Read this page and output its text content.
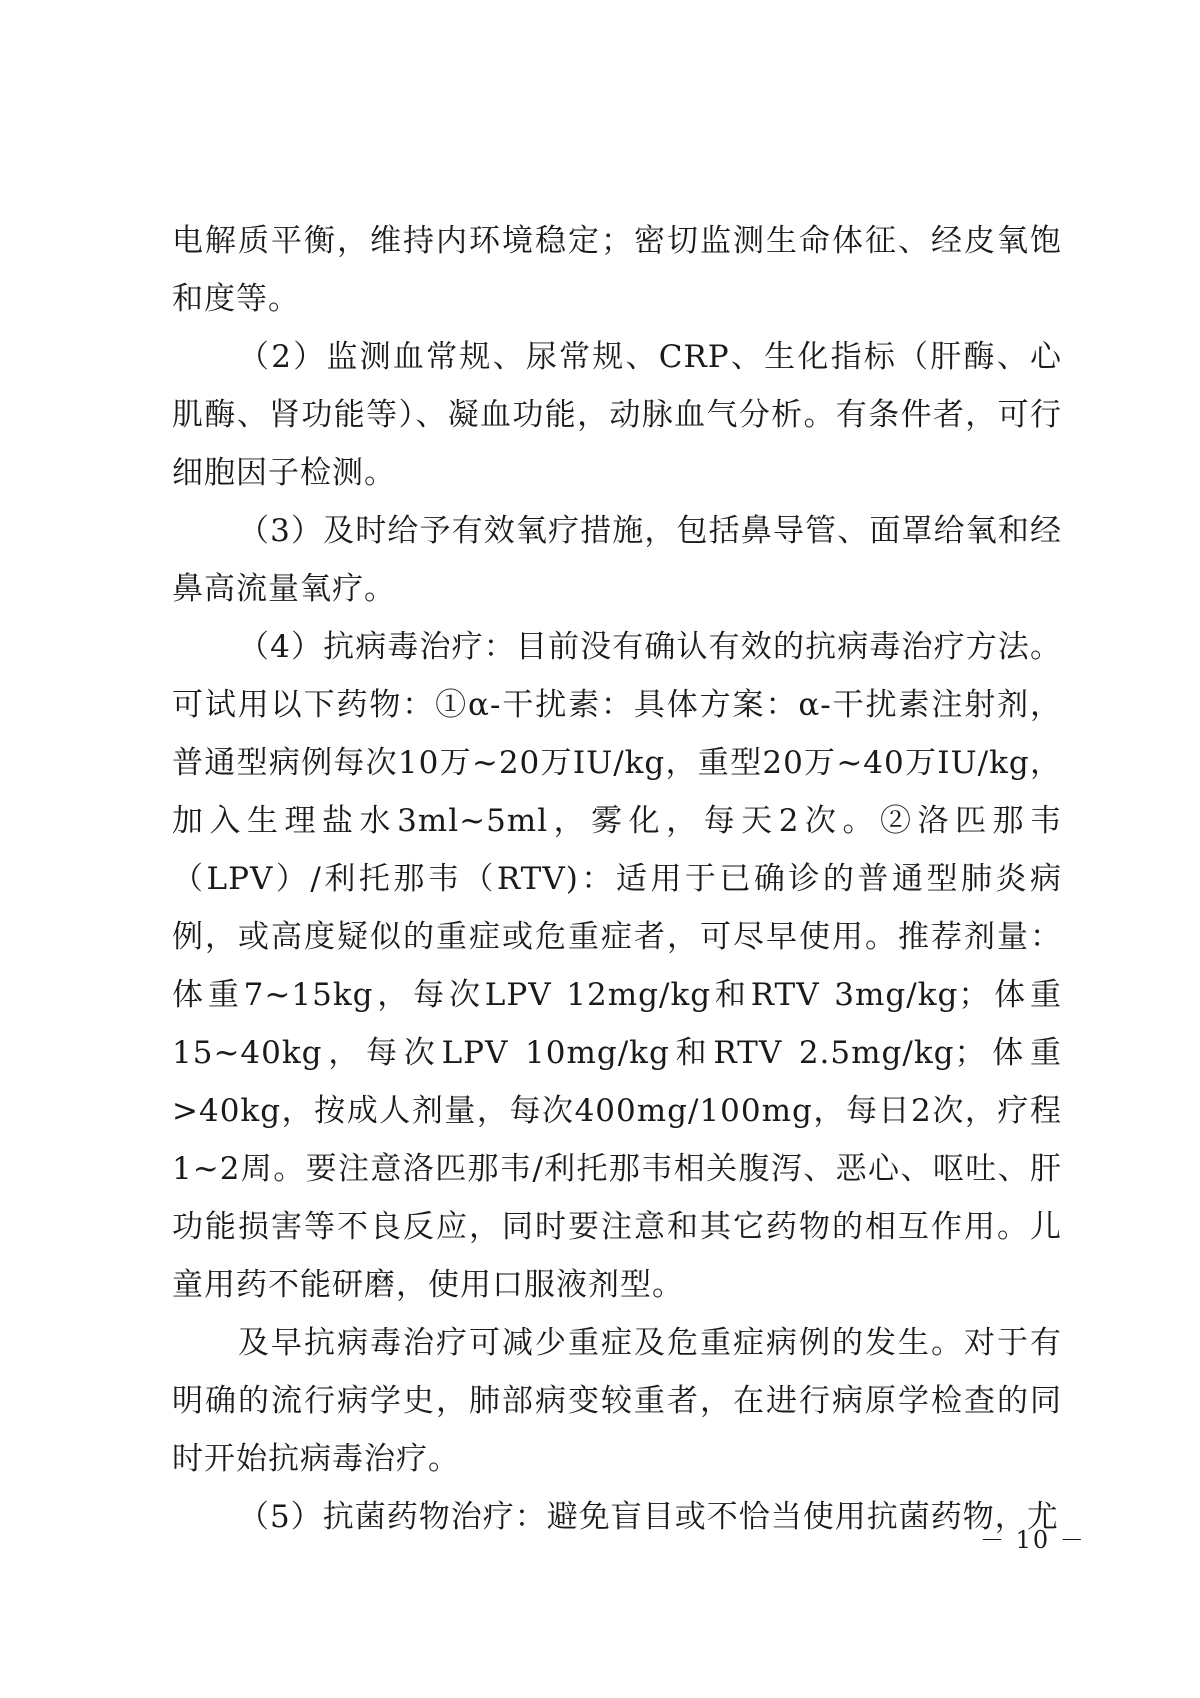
电解质平衡，维持内环境稳定；密切监测生命体征、经皮氧饱和度等。

（2）监测血常规、尿常规、CRP、生化指标（肝酶、心肌酶、肾功能等）、凝血功能，动脉血气分析。有条件者，可行细胞因子检测。

（3）及时给予有效氧疗措施，包括鼻导管、面罩给氧和经鼻高流量氧疗。

（4）抗病毒治疗：目前没有确认有效的抗病毒治疗方法。可试用以下药物：①α-干扰素：具体方案：α-干扰素注射剂，普通型病例每次10万~20万IU/kg，重型20万~40万IU/kg，加入生理盐水3ml~5ml，雾化，每天2次。②洛匹那韦（LPV）/利托那韦（RTV)：适用于已确诊的普通型肺炎病例，或高度疑似的重症或危重症者，可尽早使用。推荐剂量：体重7~15kg，每次LPV 12mg/kg和RTV 3mg/kg；体重15~40kg，每次LPV 10mg/kg和RTV 2.5mg/kg；体重>40kg，按成人剂量，每次400mg/100mg，每日2次，疗程1~2周。要注意洛匹那韦/利托那韦相关腹泻、恶心、呕吐、肝功能损害等不良反应，同时要注意和其它药物的相互作用。儿童用药不能研磨，使用口服液剂型。

及早抗病毒治疗可减少重症及危重症病例的发生。对于有明确的流行病学史，肺部病变较重者，在进行病原学检查的同时开始抗病毒治疗。

（5）抗菌药物治疗：避免盲目或不恰当使用抗菌药物，尤

－ 10 －
